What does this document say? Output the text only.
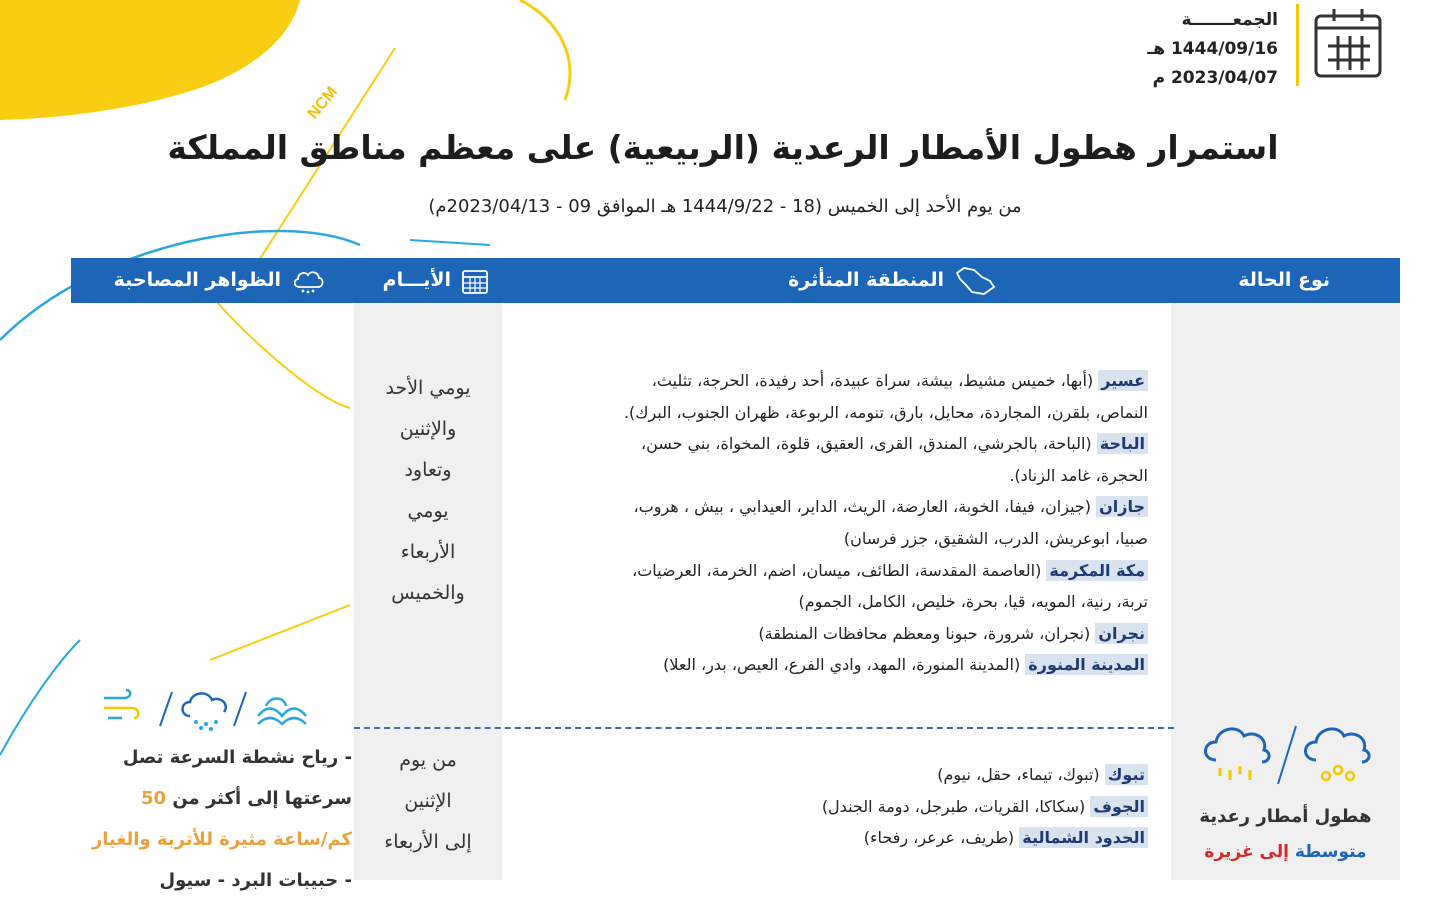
NCM
الجمعـــــــة
1444/09/16 هـ
2023/04/07 م
استمرار هطول الأمطار الرعدية (الربيعية) على معظم مناطق المملكة
من يوم الأحد إلى الخميس (18 - 1444/9/22 هـ الموافق 09 - 2023/04/13م)
نوع الحالة
المنطقة المتأثرة
الأيـــام
الظواهر المصاحبة
يومي الأحد
والإثنين
وتعاود
يومي
الأربعاء
والخميس
عسير (أبها، خميس مشيط، بيشة، سراة عبيدة، أحد رفيدة، الحرجة، تثليث،
النماص، بلقرن، المجاردة، محايل، بارق، تنومه، الربوعة، ظهران الجنوب، البرك).
الباحة (الباحة، بالجرشي، المندق، القرى، العقيق، قلوة، المخواة، بني حسن،
الحجرة، غامد الزناد).
جازان (جيزان، فيفا، الخوبة، العارضة، الريث، الداير، العيدابي ، بيش ، هروب،
صبيا، ابوعريش، الدرب، الشقيق، جزر فرسان)
مكة المكرمة (العاصمة المقدسة، الطائف، ميسان، اضم، الخرمة، العرضيات،
تربة، رنية، المويه، قيا، بحرة، خليص، الكامل، الجموم)
نجران (نجران، شرورة، حبونا ومعظم محافظات المنطقة)
المدينة المنورة (المدينة المنورة، المهد، وادي الفرع، العيص، بدر، العلا)
من يوم
الإثنين
إلى الأربعاء
تبوك (تبوك، تيماء، حقل، نيوم)
الجوف (سكاكا، القريات، طبرجل، دومة الجندل)
الحدود الشمالية (طريف، عرعر، رفحاء)
هطول أمطار رعدية
متوسطة إلى غزيرة
- رياح نشطة السرعة تصل
سرعتها إلى أكثر من 50
كم/ساعة مثيرة للأتربة والغبار
- حبيبات البرد - سيول
